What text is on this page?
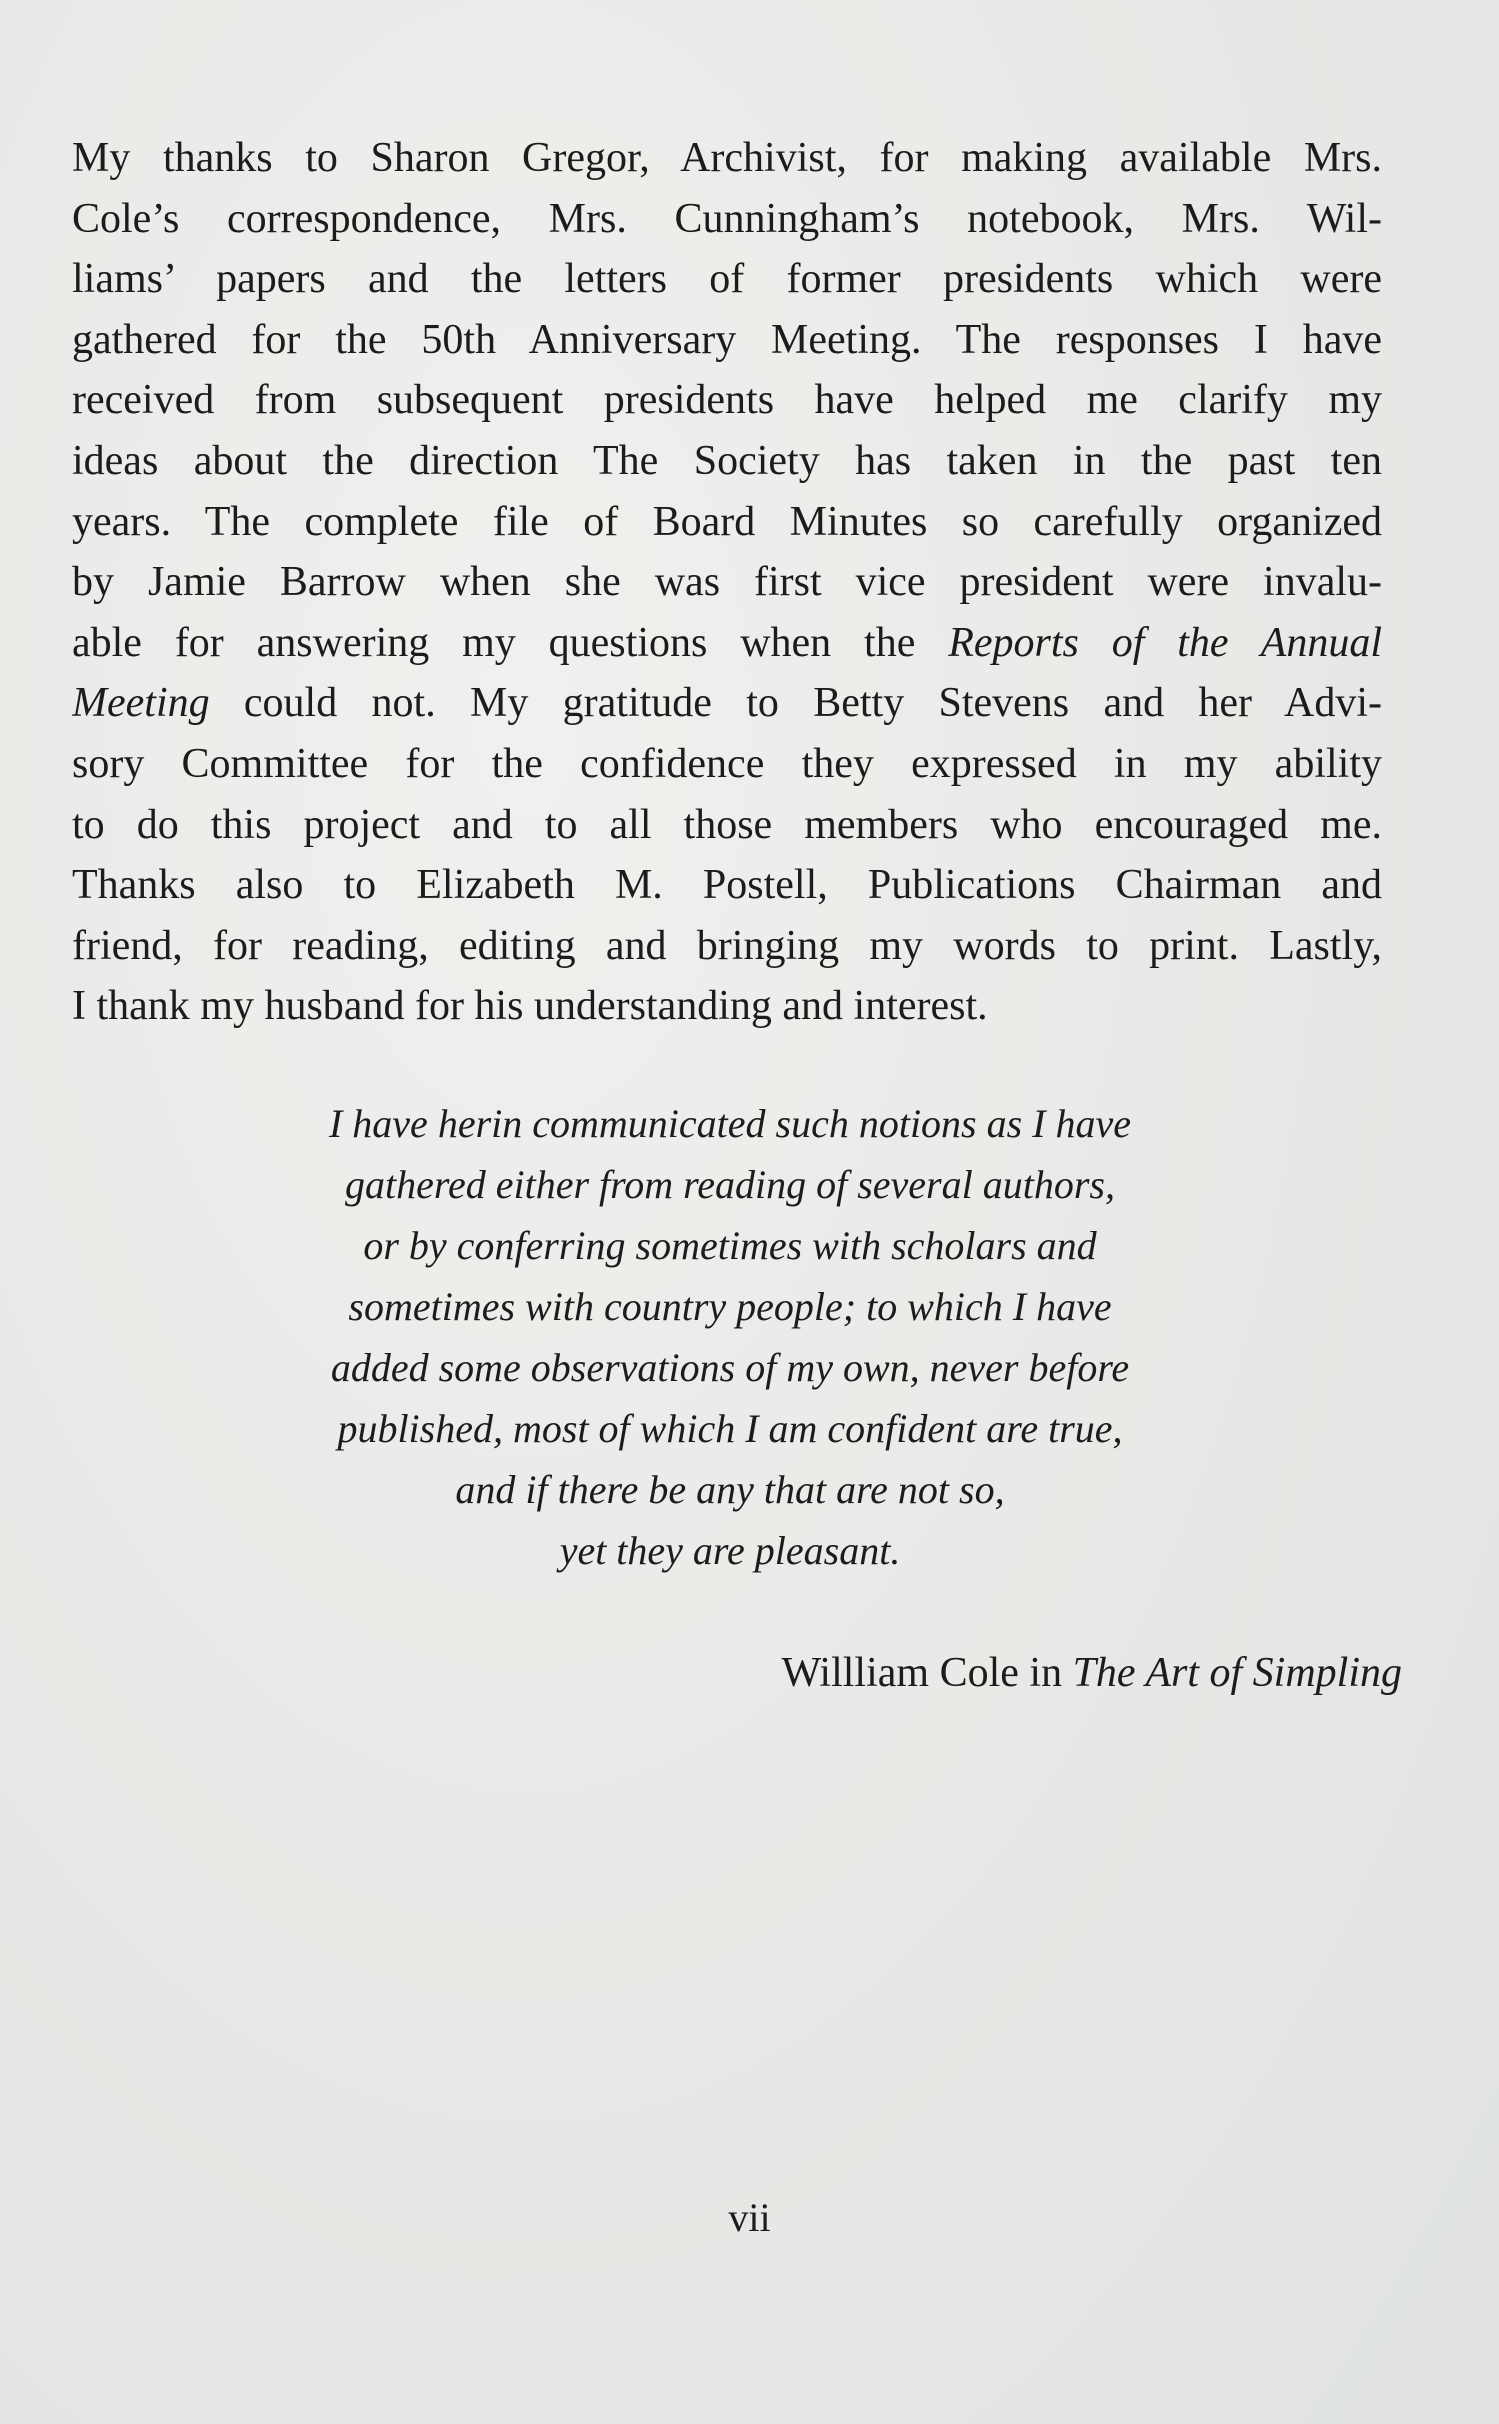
My thanks to Sharon Gregor, Archivist, for making available Mrs.
Cole’s correspondence, Mrs. Cunningham’s notebook, Mrs. Wil-
liams’ papers and the letters of former presidents which were
gathered for the 50th Anniversary Meeting. The responses I have
received from subsequent presidents have helped me clarify my
ideas about the direction The Society has taken in the past ten
years. The complete file of Board Minutes so carefully organized
by Jamie Barrow when she was first vice president were invalu-
able for answering my questions when the Reports of the Annual
Meeting could not. My gratitude to Betty Stevens and her Advi-
sory Committee for the confidence they expressed in my ability
to do this project and to all those members who encouraged me.
Thanks also to Elizabeth M. Postell, Publications Chairman and
friend, for reading, editing and bringing my words to print. Lastly,
I thank my husband for his understanding and interest.
I have herin communicated such notions as I have
gathered either from reading of several authors,
or by conferring sometimes with scholars and
sometimes with country people; to which I have
added some observations of my own, never before
published, most of which I am confident are true,
and if there be any that are not so,
yet they are pleasant.
Willliam Cole in The Art of Simpling
vii
